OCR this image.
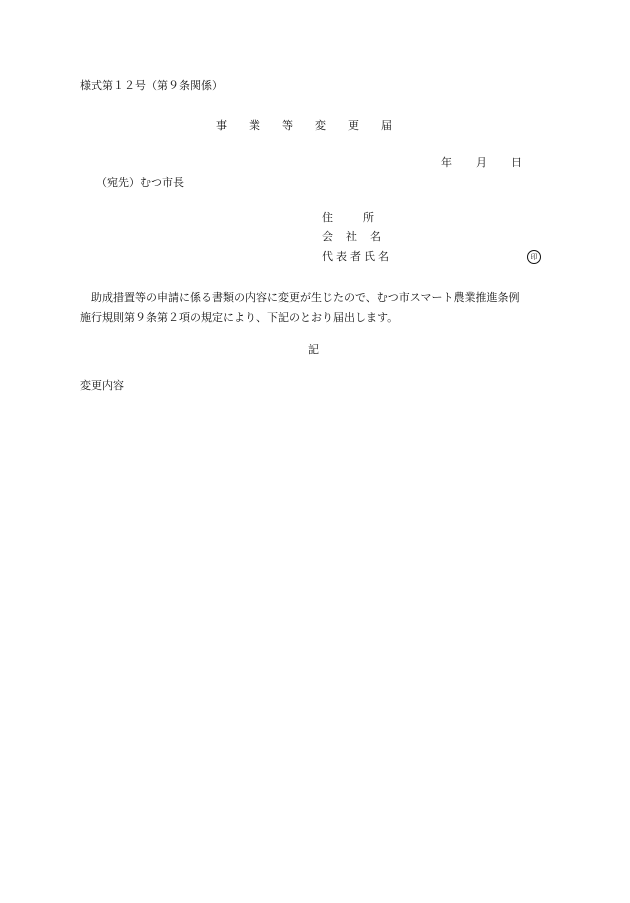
様式第１２号（第９条関係）
事業等変更届
年 月 日
（宛先）むつ市長
住所
会社名
代表者氏名	印
助成措置等の申請に係る書類の内容に変更が生じたので、むつ市スマート農業推進条例
施行規則第９条第２項の規定により、下記のとおり届出します。
記
変更内容
